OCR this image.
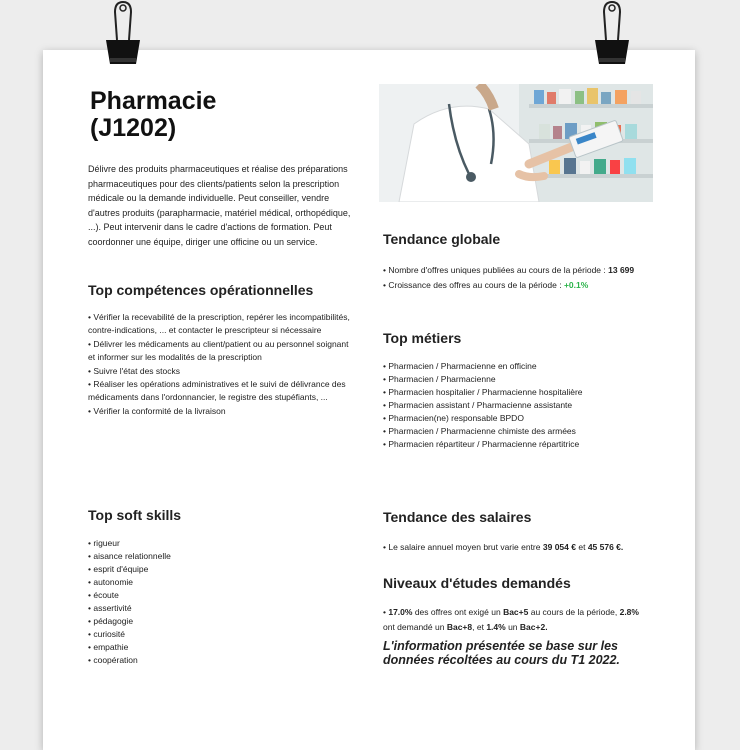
Pharmacie
(J1202)

Délivre des produits pharmaceutiques et réalise des préparations pharmaceutiques pour des clients/patients selon la prescription médicale ou la demande individuelle. Peut conseiller, vendre d'autres produits (parapharmacie, matériel médical, orthopédique, ...). Peut intervenir dans le cadre d'actions de formation. Peut coordonner une équipe, diriger une officine ou un service.

Top compétences opérationnelles
• Vérifier la recevabilité de la prescription, repérer les incompatibilités, contre-indications, ... et contacter le prescripteur si nécessaire
• Délivrer les médicaments au client/patient ou au personnel soignant et informer sur les modalités de la prescription
• Suivre l'état des stocks
• Réaliser les opérations administratives et le suivi de délivrance des médicaments dans l'ordonnancier, le registre des stupéfiants, ...
• Vérifier la conformité de la livraison
Top soft skills
• rigueur
• aisance relationnelle
• esprit d'équipe
• autonomie
• écoute
• assertivité
• pédagogie
• curiosité
• empathie
• coopération
Tendance globale
• Nombre d'offres uniques publiées au cours de la période : 13 699
• Croissance des offres au cours de la période : +0.1%
Top métiers
• Pharmacien / Pharmacienne en officine
• Pharmacien / Pharmacienne
• Pharmacien hospitalier / Pharmacienne hospitalière
• Pharmacien assistant / Pharmacienne assistante
• Pharmacien(ne) responsable BPDO
• Pharmacien / Pharmacienne chimiste des armées
• Pharmacien répartiteur / Pharmacienne répartitrice
Tendance des salaires
• Le salaire annuel moyen brut varie entre 39 054 € et 45 576 €.
Niveaux d'études demandés
• 17.0% des offres ont exigé un Bac+5 au cours de la période, 2.8% ont demandé un Bac+8, et 1.4% un Bac+2.

L'information présentée se base sur les données récoltées au cours du T1 2022.
